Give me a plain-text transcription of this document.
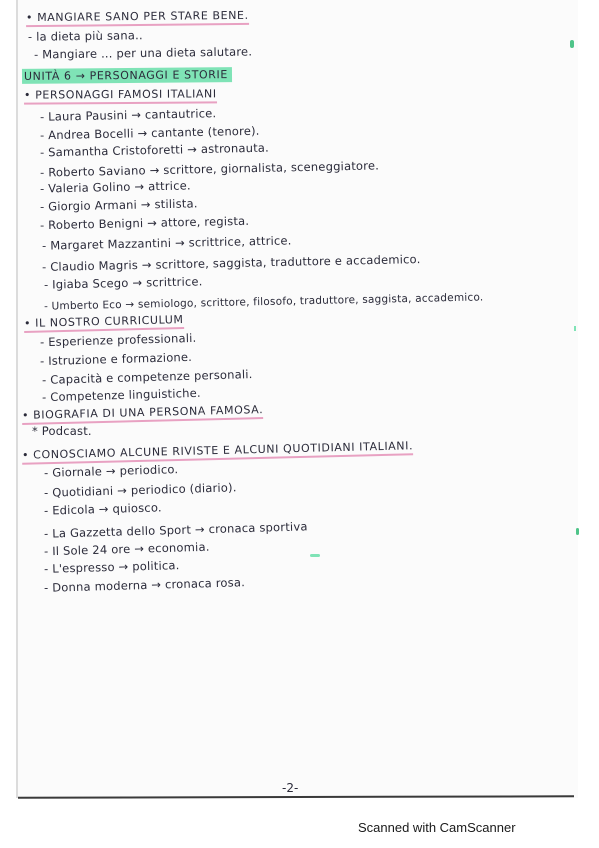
• MANGIARE SANO PER STARE BENE.
- la dieta più sana..
- Mangiare ... per una dieta salutare.
UNITÀ 6 → PERSONAGGI E STORIE
• PERSONAGGI FAMOSI ITALIANI
- Laura Pausini → cantautrice.
- Andrea Bocelli → cantante (tenore).
- Samantha Cristoforetti → astronauta.
- Roberto Saviano → scrittore, giornalista, sceneggiatore.
- Valeria Golino → attrice.
- Giorgio Armani → stilista.
- Roberto Benigni → attore, regista.
- Margaret Mazzantini → scrittrice, attrice.
- Claudio Magris → scrittore, saggista, traduttore e accademico.
- Igiaba Scego → scrittrice.
- Umberto Eco → semiologo, scrittore, filosofo, traduttore, saggista, accademico.
• IL NOSTRO CURRICULUM
- Esperienze professionali.
- Istruzione e formazione.
- Capacità e competenze personali.
- Competenze linguistiche.
• BIOGRAFIA DI UNA PERSONA FAMOSA.
* Podcast.
• CONOSCIAMO ALCUNE RIVISTE E ALCUNI QUOTIDIANI ITALIANI.
- Giornale → periodico.
- Quotidiani → periodico (diario).
- Edicola → quiosco.
- La Gazzetta dello Sport → cronaca sportiva
- Il Sole 24 ore → economia.
- L'espresso → politica.
- Donna moderna → cronaca rosa.
-2-
Scanned with CamScanner
